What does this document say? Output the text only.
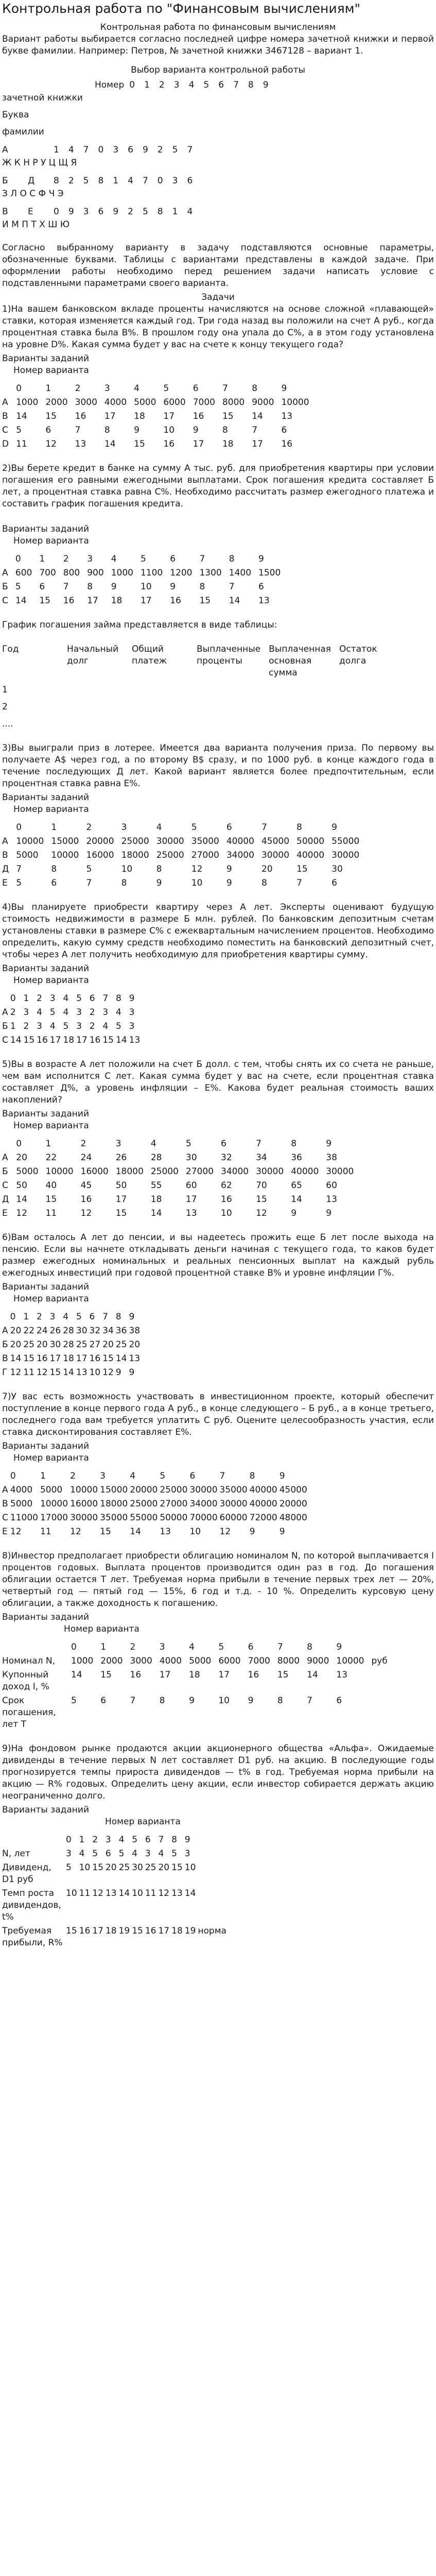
Контрольная работа по "Финансовым вычислениям"
Контрольная работа по финансовым вычислениям

Вариант работы выбирается согласно последней цифре номера зачетной книжки и первой букве фамилии. Например: Петров, № зачетной книжки 3467128 – вариант 1.

Выбор варианта контрольной работы
	Номер	0 1 2 3 4 5 6 7 8 9
зачетной книжки
Буква
фамилии
А	1 4 7 0 3 6 9 2 5 7
Ж К Н Р У Ц Щ Я
Б	Д	8 2 5 8 1 4 7 0 3 6
З Л О С Ф Ч Э
В	Е	0 9 3 6 9 2 5 8 1 4
И М П Т Х Ш Ю

Согласно выбранному варианту в задачу подставляются основные параметры, обозначенные буквами. Таблицы с вариантами представлены в каждой задаче. При оформлении работы необходимо перед решением задачи написать условие с подставленными параметрами своего варианта.

Задачи

1)На вашем банковском вкладе проценты начисляются на основе сложной «плавающей» ставки, которая изменяется каждый год. Три года назад вы положили на счет A руб., когда процентная ставка была B%. В прошлом году она упала до C%, а в этом году установлена на уровне D%. Какая сумма будет у вас на счете к концу текущего года?

Варианты заданий
Номер варианта
	0	1	2	3	4	5	6	7	8	9
A	1000	2000	3000	4000	5000	6000	7000	8000	9000	10000
B	14	15	16	17	18	17	16	15	14	13
C	5	6	7	8	9	10	9	8	7	6
D	11	12	13	14	15	16	17	18	17	16

2)Вы берете кредит в банке на сумму A тыс. руб. для приобретения квартиры при условии погашения его равными ежегодными выплатами. Срок погашения кредита составляет Б лет, а процентная ставка равна С%. Необходимо рассчитать размер ежегодного платежа и составить график погашения кредита.

Варианты заданий
Номер варианта
	0	1	2	3	4	5	6	7	8	9
A	600	700	800	900	1000	1100	1200	1300	1400	1500
Б	5	6	7	8	9	10	9	8	7	6
С	14	15	16	17	18	17	16	15	14	13
График погашения займа представляется в виде таблицы:
Год	Начальный долг	Общий платеж	Выплаченные проценты	Выплаченная основная сумма	Остаток долга
1					
2					
....					

3)Вы выиграли приз в лотерее. Имеется два варианта получения приза. По первому вы получаете A$ через год, а по второму B$ сразу, и по 1000 руб. в конце каждого года в течение последующих Д лет. Какой вариант является более предпочтительным, если процентная ставка равна Е%.

Варианты заданий
Номер варианта
	0	1	2	3	4	5	6	7	8	9
A	10000	15000	20000	25000	30000	35000	40000	45000	50000	55000
B	5000	10000	16000	18000	25000	27000	34000	30000	40000	30000
Д	7	8	5	10	8	12	9	20	15	30
Е	5	6	7	8	9	10	9	8	7	6

4)Вы планируете приобрести квартиру через А лет. Эксперты оценивают будущую стоимость недвижимости в размере Б млн. рублей. По банковским депозитным счетам установлены ставки в размере С% с ежеквартальным начислением процентов. Необходимо определить, какую сумму средств необходимо поместить на банковский депозитный счет, чтобы через А лет получить необходимую для приобретения квартиры сумму.

Варианты заданий
Номер варианта
	0	1	2	3	4	5	6	7	8	9
А	2	3	4	5	4	3	2	3	4	3
Б	1	2	3	4	5	3	2	4	5	3
С	14	15	16	17	18	17	16	15	14	13

5)Вы в возрасте А лет положили на счет Б долл. с тем, чтобы снять их со счета не раньше, чем вам исполнится С лет. Какая сумма будет у вас на счете, если процентная ставка составляет Д%, а уровень инфляции – Е%. Какова будет реальная стоимость ваших накоплений?

Варианты заданий
Номер варианта
	0	1	2	3	4	5	6	7	8	9
А	20	22	24	26	28	30	32	34	36	38
Б	5000	10000	16000	18000	25000	27000	34000	30000	40000	30000
С	50	40	45	50	55	60	62	70	65	60
Д	14	15	16	17	18	17	16	15	14	13
Е	12	11	12	15	14	13	10	12	9	9

6)Вам осталось А лет до пенсии, и вы надеетесь прожить еще Б лет после выхода на пенсию. Если вы начнете откладывать деньги начиная с текущего года, то каков будет размер ежегодных номинальных и реальных пенсионных выплат на каждый рубль ежегодных инвестиций при годовой процентной ставке В% и уровне инфляции Г%.

Варианты заданий
Номер варианта
	0	1	2	3	4	5	6	7	8	9
А	20	22	24	26	28	30	32	34	36	38
Б	20	25	20	30	28	25	27	20	25	20
В	14	15	16	17	18	17	16	15	14	13
Г	12	11	12	15	14	13	10	12	9	9

7)У вас есть возможность участвовать в инвестиционном проекте, который обеспечит поступление в конце первого года А руб., в конце следующего – Б руб., а в конце третьего, последнего года вам требуется уплатить С руб. Оцените целесообразность участия, если ставка дисконтирования составляет Е%.

Варианты заданий
Номер варианта
	0	1	2	3	4	5	6	7	8	9
А	4000	5000	10000	15000	20000	25000	30000	35000	40000	45000
В	5000	10000	16000	18000	25000	27000	34000	30000	40000	20000
С	11000	17000	30000	35000	55000	50000	70000	60000	72000	48000
Е	12	11	12	15	14	13	10	12	9	9

8)Инвестор предполагает приобрести облигацию номиналом N, по которой выплачивается I процентов годовых. Выплата процентов производится один раз в год. До погашения облигации остается T лет. Требуемая норма прибыли в течение первых трех лет — 20%, четвертый год — пятый год — 15%, 6 год и т.д. - 10 %. Определить курсовую цену облигации, а также доходность к погашению.

Варианты заданий
Номер варианта
	0	1	2	3	4	5	6	7	8	9	
Номинал N,	1000	2000	3000	4000	5000	6000	7000	8000	9000	10000	руб
Купонный доход I, %	14	15	16	17	18	17	16	15	14	13	
Срок погашения, лет T	5	6	7	8	9	10	9	8	7	6	

9)На фондовом рынке продаются акции акционерного общества «Альфа». Ожидаемые дивиденды в течение первых N лет составляет D1 руб. на акцию. В последующие годы прогнозируется темпы прироста дивидендов — t% в год. Требуемая норма прибыли на акцию — R% годовых. Определить цену акции, если инвестор собирается держать акцию неограниченно долго.

Варианты заданий
Номер варианта
	0	1	2	3	4	5	6	7	8	9	
N, лет	3	4	5	6	5	4	3	4	5	3	
Дивиденд, D1 руб	5	10	15	20	25	30	25	20	15	10	
Темп роста дивидендов, t%	10	11	12	13	14	10	11	12	13	14	
Требуемая прибыли, R%	15	16	17	18	19	15	16	17	18	19	норма
